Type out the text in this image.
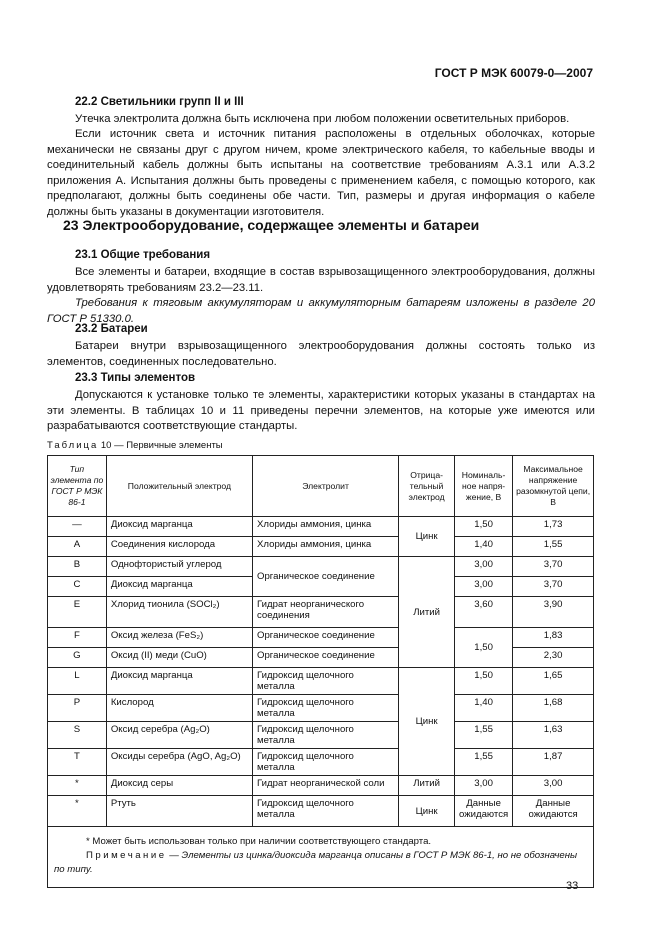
ГОСТ Р МЭК 60079-0—2007
22.2 Светильники групп II и III

Утечка электролита должна быть исключена при любом положении осветительных приборов.

Если источник света и источник питания расположены в отдельных оболочках, которые механически не связаны друг с другом ничем, кроме электрического кабеля, то кабельные вводы и соединительный кабель должны быть испытаны на соответствие требованиям А.3.1 или А.3.2 приложения А. Испытания должны быть проведены с применением кабеля, с помощью которого, как предполагают, должны быть соединены обе части. Тип, размеры и другая информация о кабеле должны быть указаны в документации изготовителя.

23 Электрооборудование, содержащее элементы и батареи
23.1 Общие требования

Все элементы и батареи, входящие в состав взрывозащищенного электрооборудования, должны удовлетворять требованиям 23.2—23.11.

Требования к тяговым аккумуляторам и аккумуляторным батареям изложены в разделе 20 ГОСТ Р 51330.0.

23.2 Батареи

Батареи внутри взрывозащищенного электрооборудования должны состоять только из элементов, соединенных последовательно.

23.3 Типы элементов

Допускаются к установке только те элементы, характеристики которых указаны в стандартах на эти элементы. В таблицах 10 и 11 приведены перечни элементов, на которые уже имеются или разрабатываются соответствующие стандарты.

Таблица 10 — Первичные элементы
Тип элемента по ГОСТ Р МЭК 86-1	Положительный электрод	Электролит	Отрица-тельный электрод	Номиналь-ное напря-жение, В	Максимальное напряжение разомкнутой цепи, В
—	Диоксид марганца	Хлориды аммония, цинка	Цинк	1,50	1,73
A	Соединения кислорода	Хлориды аммония, цинка		1,40	1,55
B	Однофтористый углерод	Органическое соединение	Литий	3,00	3,70
C	Диоксид марганца			3,00	3,70
E	Хлорид тионила (SOCl₂)	Гидрат неорганического соединения		3,60	3,90
F	Оксид железа (FeS₂)	Органическое соединение		1,50	1,83
G	Оксид (II) меди (CuO)	Органическое соединение			2,30
L	Диоксид марганца	Гидроксид щелочного металла	Цинк	1,50	1,65
P	Кислород	Гидроксид щелочного металла		1,40	1,68
S	Оксид серебра (Ag₂O)	Гидроксид щелочного металла		1,55	1,63
T	Оксиды серебра (AgO, Ag₂O)	Гидроксид щелочного металла		1,55	1,87
*	Диоксид серы	Гидрат неорганической соли	Литий	3,00	3,00
*	Ртуть	Гидроксид щелочного металла	Цинк	Данные ожидаются	Данные ожидаются

* Может быть использован только при наличии соответствующего стандарта.
Примечание — Элементы из цинка/диоксида марганца описаны в ГОСТ Р МЭК 86-1, но не обозначены по типу.					
33
